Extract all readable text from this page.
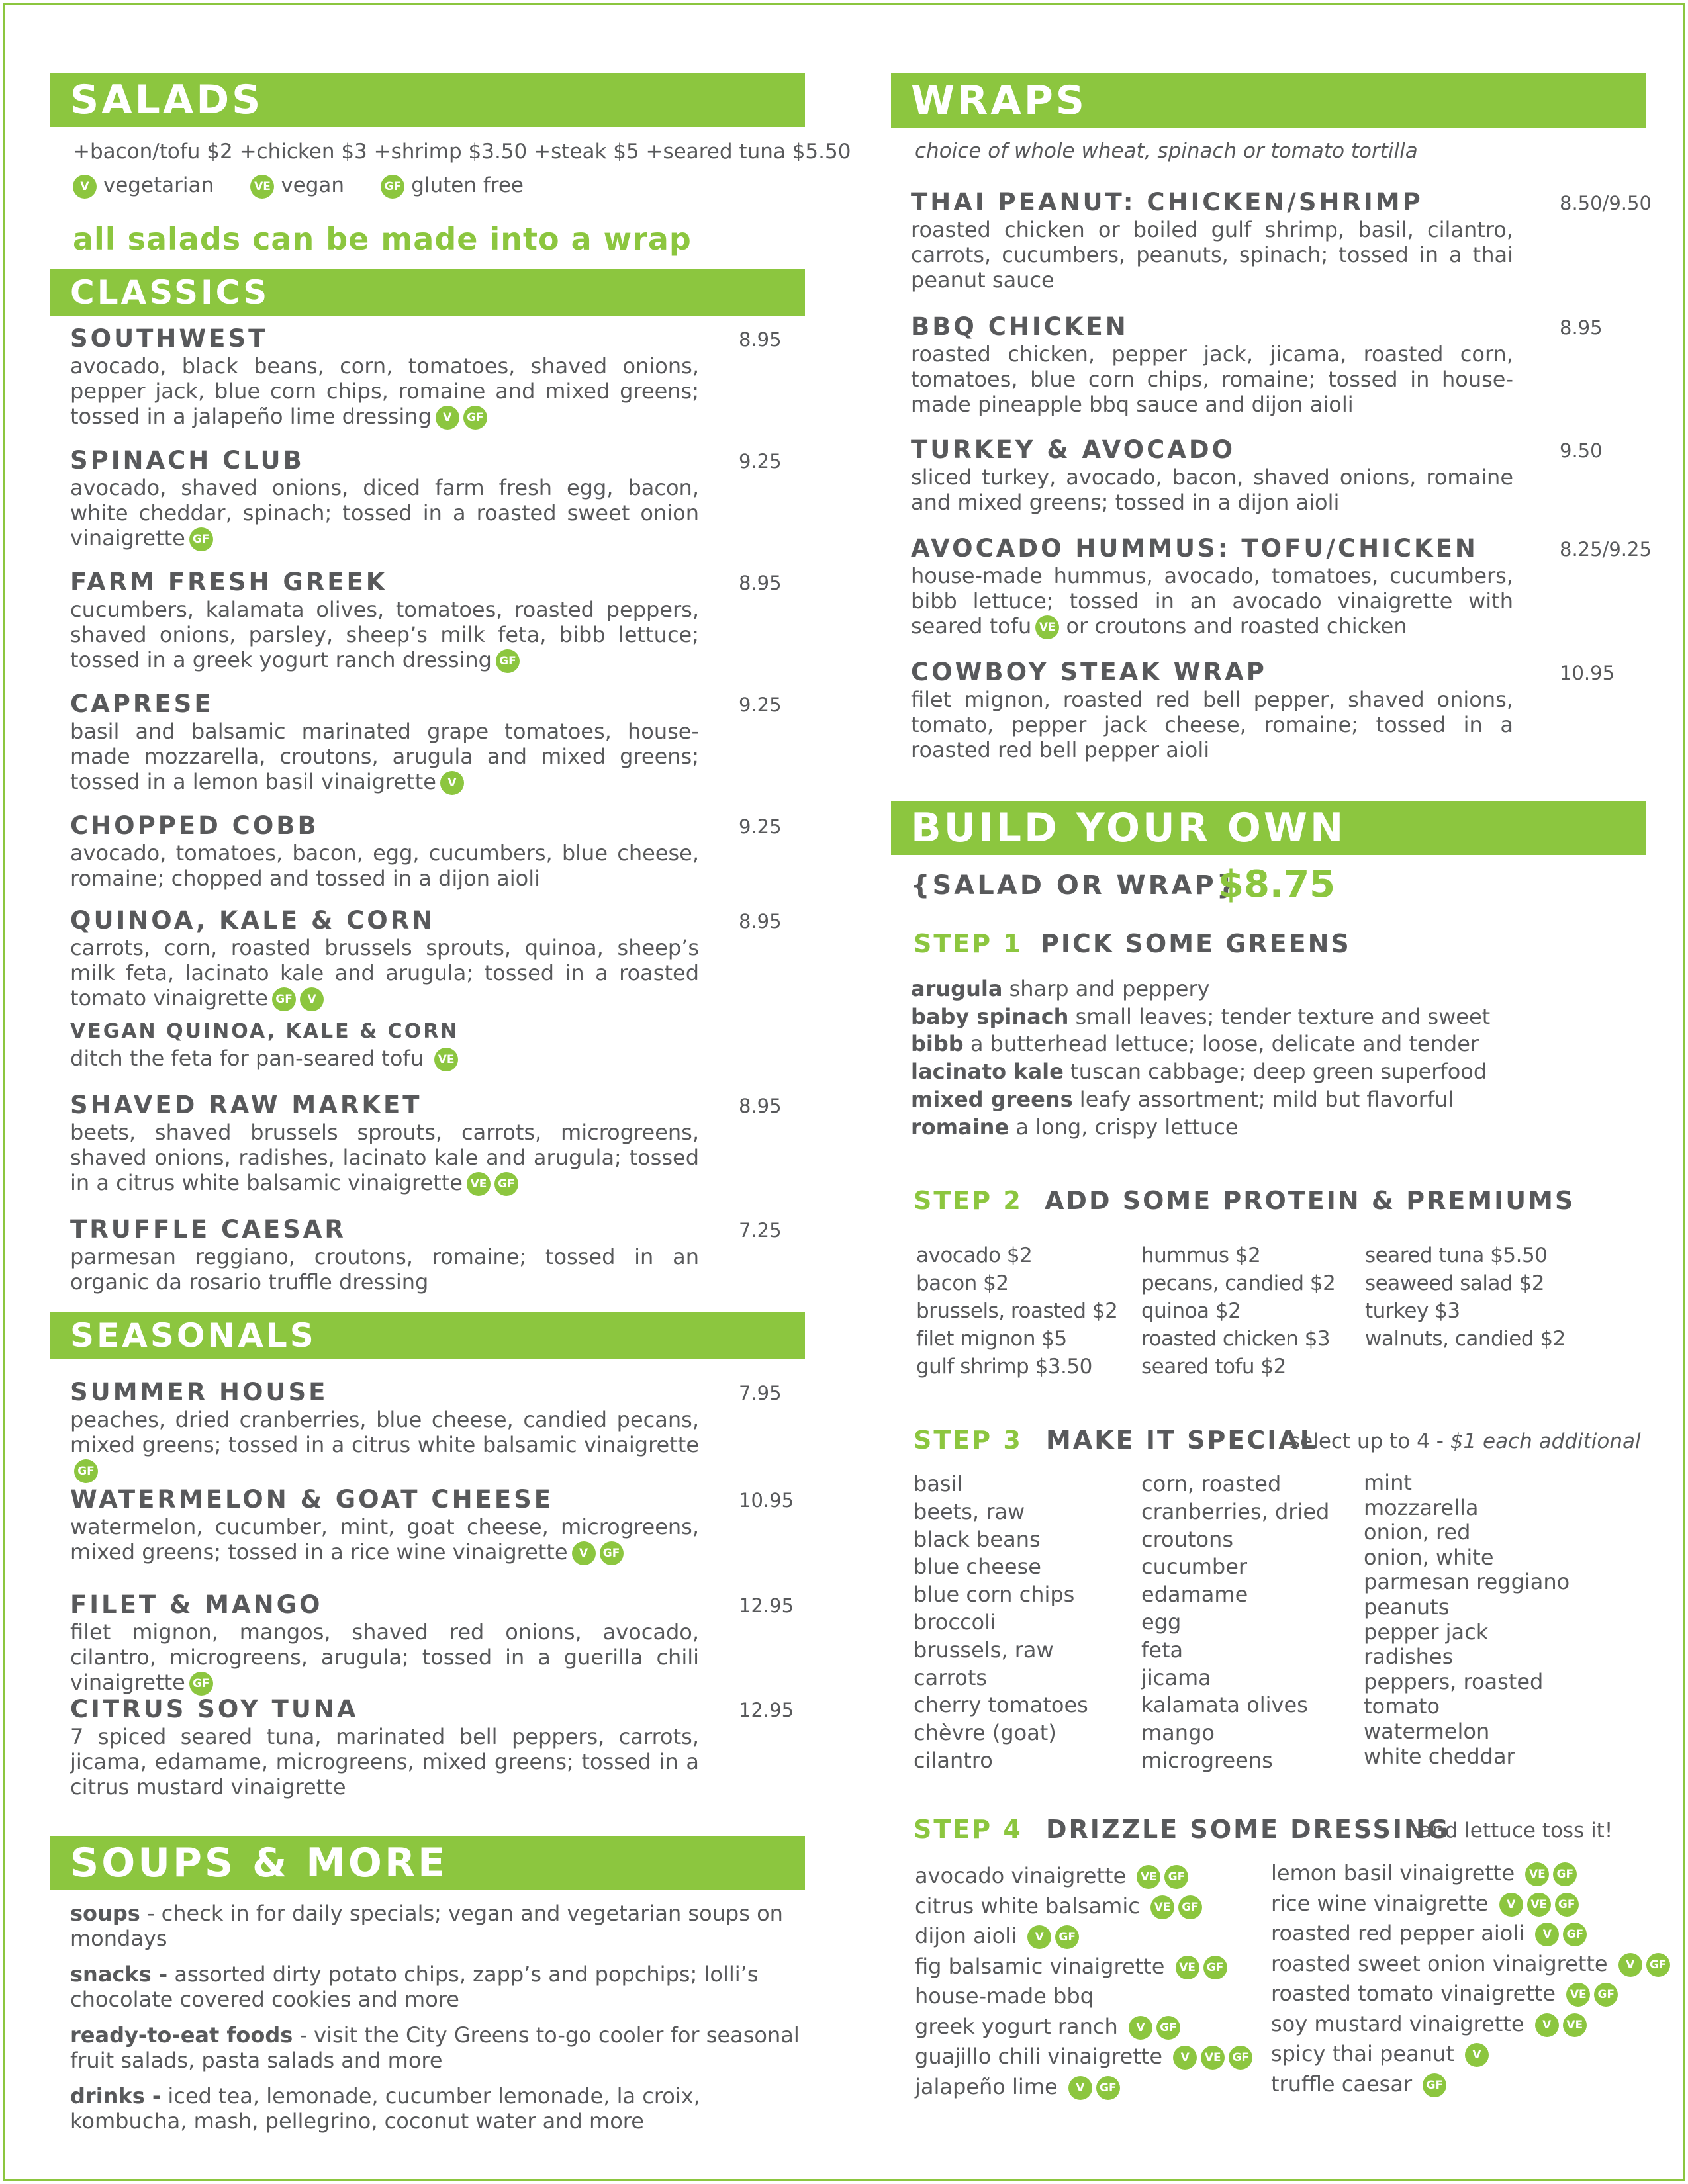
SALADS
+bacon/tofu $2 +chicken $3 +shrimp $3.50 +steak $5 +seared tuna $5.50
V vegetarian	VE vegan	GF gluten free
all salads can be made into a wrap
CLASSICS
SOUTHWEST	8.95
avocado, black beans, corn, tomatoes, shaved onions, pepper jack, blue corn chips, romaine and mixed greens; tossed in a jalapeño lime dressing V GF
SPINACH CLUB	9.25
avocado, shaved onions, diced farm fresh egg, bacon, white cheddar, spinach; tossed in a roasted sweet onion vinaigrette GF
FARM FRESH GREEK	8.95
cucumbers, kalamata olives, tomatoes, roasted peppers, shaved onions, parsley, sheep’s milk feta, bibb lettuce; tossed in a greek yogurt ranch dressing GF
CAPRESE	9.25
basil and balsamic marinated grape tomatoes, house-made mozzarella, croutons, arugula and mixed greens; tossed in a lemon basil vinaigrette V
CHOPPED COBB	9.25
avocado, tomatoes, bacon, egg, cucumbers, blue cheese, romaine; chopped and tossed in a dijon aioli
QUINOA, KALE & CORN	8.95
carrots, corn, roasted brussels sprouts, quinoa, sheep’s milk feta, lacinato kale and arugula; tossed in a roasted tomato vinaigrette GF V
SHAVED RAW MARKET	8.95
beets, shaved brussels sprouts, carrots, microgreens, shaved onions, radishes, lacinato kale and arugula; tossed in a citrus white balsamic vinaigrette VE GF
TRUFFLE CAESAR	7.25
parmesan reggiano, croutons, romaine; tossed in an organic da rosario truffle dressing
VEGAN QUINOA, KALE & CORN
ditch the feta for pan-seared tofu VE
SEASONALS
SUMMER HOUSE	7.95
peaches, dried cranberries, blue cheese, candied pecans, mixed greens; tossed in a citrus white balsamic vinaigretteGF
WATERMELON & GOAT CHEESE	10.95
watermelon, cucumber, mint, goat cheese, microgreens, mixed greens; tossed in a rice wine vinaigrette V GF
FILET & MANGO	12.95
filet mignon, mangos, shaved red onions, avocado, cilantro, microgreens, arugula; tossed in a guerilla chili vinaigrette GF
CITRUS SOY TUNA	12.95
7 spiced seared tuna, marinated bell peppers, carrots, jicama, edamame, microgreens, mixed greens; tossed in a citrus mustard vinaigrette
SOUPS & MORE

soups - check in for daily specials; vegan and vegetarian soups on mondays

snacks - assorted dirty potato chips, zapp’s and popchips; lolli’s chocolate covered cookies and more

ready-to-eat foods - visit the City Greens to-go cooler for seasonal fruit salads, pasta salads and more

drinks - iced tea, lemonade, cucumber lemonade, la croix, kombucha, mash, pellegrino, coconut water and more

WRAPS
choice of whole wheat, spinach or tomato tortilla
THAI PEANUT: CHICKEN/SHRIMP	8.50/9.50
roasted chicken or boiled gulf shrimp, basil, cilantro, carrots, cucumbers, peanuts, spinach; tossed in a thai peanut sauce
BBQ CHICKEN	8.95
roasted chicken, pepper jack, jicama, roasted corn, tomatoes, blue corn chips, romaine; tossed in house-made pineapple bbq sauce and dijon aioli
TURKEY & AVOCADO	9.50
sliced turkey, avocado, bacon, shaved onions, romaine and mixed greens; tossed in a dijon aioli
AVOCADO HUMMUS: TOFU/CHICKEN	8.25/9.25
house-made hummus, avocado, tomatoes, cucumbers, bibb lettuce; tossed in an avocado vinaigrette with seared tofu VE or croutons and roasted chicken
COWBOY STEAK WRAP	10.95
filet mignon, roasted red bell pepper, shaved onions, tomato, pepper jack cheese, romaine; tossed in a roasted red bell pepper aioli
BUILD YOUR OWN
{SALAD OR WRAP}
$8.75
STEP 1 PICK SOME GREENS
arugula sharp and peppery
baby spinach small leaves; tender texture and sweet
bibb a butterhead lettuce; loose, delicate and tender
lacinato kale tuscan cabbage; deep green superfood
mixed greens leafy assortment; mild but flavorful
romaine a long, crispy lettuce
STEP 2 ADD SOME PROTEIN & PREMIUMS
avocado $2
bacon $2
brussels, roasted $2
filet mignon $5
gulf shrimp $3.50
hummus $2
pecans, candied $2
quinoa $2
roasted chicken $3
seared tofu $2
seared tuna $5.50
seaweed salad $2
turkey $3
walnuts, candied $2
STEP 3 MAKE IT SPECIAL
select up to 4 - $1 each additional
basil
beets, raw
black beans
blue cheese
blue corn chips
broccoli
brussels, raw
carrots
cherry tomatoes
chèvre (goat)
cilantro
corn, roasted
cranberries, dried
croutons
cucumber
edamame
egg
feta
jicama
kalamata olives
mango
microgreens
mint
mozzarella
onion, red
onion, white
parmesan reggiano
peanuts
pepper jack
radishes
peppers, roasted
tomato
watermelon
white cheddar
STEP 4 DRIZZLE SOME DRESSING
and lettuce toss it!
avocado vinaigrette VE GF
citrus white balsamic VE GF
dijon aioli V GF
fig balsamic vinaigrette VE GF
house-made bbq
greek yogurt ranch V GF
guajillo chili vinaigrette V VE GF
jalapeño lime V GF
lemon basil vinaigrette VE GF
rice wine vinaigrette V VE GF
roasted red pepper aioli V GF
roasted sweet onion vinaigrette V GF
roasted tomato vinaigrette VE GF
soy mustard vinaigrette V VE
spicy thai peanut V
truffle caesar GF
